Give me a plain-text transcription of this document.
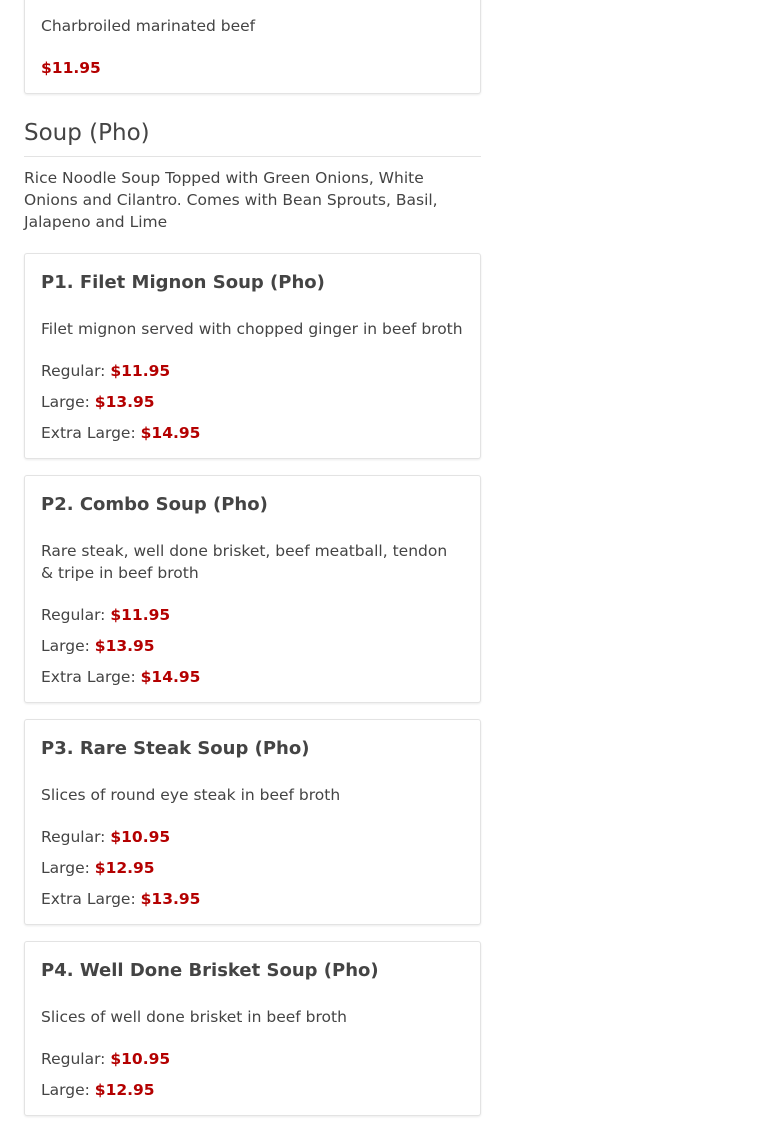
Charbroiled marinated beef
$11.95
Soup (Pho)
Rice Noodle Soup Topped with Green Onions, White Onions and Cilantro. Comes with Bean Sprouts, Basil, Jalapeno and Lime
P1. Filet Mignon Soup (Pho)
Filet mignon served with chopped ginger in beef broth
Regular: $11.95
Large: $13.95
Extra Large: $14.95
P2. Combo Soup (Pho)
Rare steak, well done brisket, beef meatball, tendon & tripe in beef broth
Regular: $11.95
Large: $13.95
Extra Large: $14.95
P3. Rare Steak Soup (Pho)
Slices of round eye steak in beef broth
Regular: $10.95
Large: $12.95
Extra Large: $13.95
P4. Well Done Brisket Soup (Pho)
Slices of well done brisket in beef broth
Regular: $10.95
Large: $12.95
